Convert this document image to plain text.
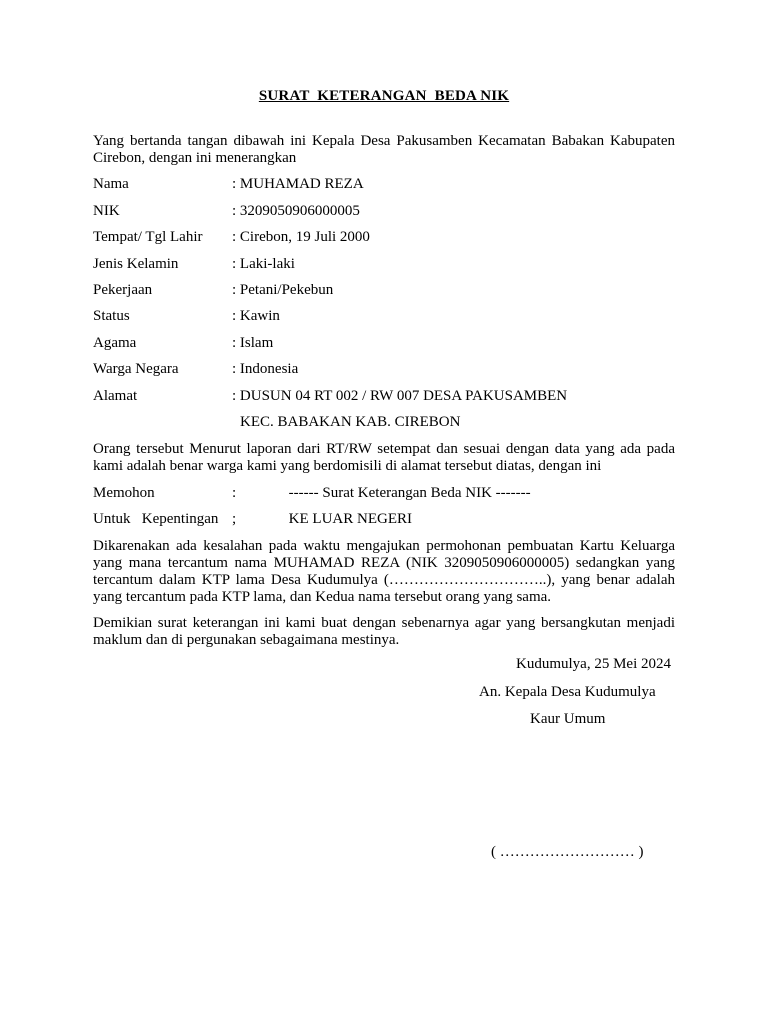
SURAT  KETERANGAN  BEDA NIK
Yang bertanda tangan dibawah ini Kepala Desa Pakusamben Kecamatan Babakan Kabupaten Cirebon, dengan ini menerangkan
Nama	: MUHAMAD REZA
NIK	: 3209050906000005
Tempat/ Tgl Lahir : Cirebon, 19 Juli 2000
Jenis Kelamin	: Laki-laki
Pekerjaan	: Petani/Pekebun
Status	: Kawin
Agama	: Islam
Warga Negara	: Indonesia
Alamat	: DUSUN 04 RT 002 / RW 007 DESA PAKUSAMBEN
KEC. BABAKAN KAB. CIREBON
Orang tersebut Menurut laporan dari RT/RW setempat dan sesuai dengan data yang ada pada kami adalah benar warga kami yang berdomisili di alamat tersebut diatas, dengan ini
Memohon	:              ------ Surat Keterangan Beda NIK -------
Untuk   Kepentingan ;              KE LUAR NEGERI
Dikarenakan ada kesalahan pada waktu mengajukan permohonan pembuatan Kartu Keluarga yang mana tercantum nama MUHAMAD REZA (NIK 3209050906000005) sedangkan yang tercantum dalam KTP lama Desa Kudumulya (…………………………..), yang benar adalah yang tercantum pada KTP lama, dan Kedua nama tersebut orang yang sama.
Demikian surat keterangan ini kami buat dengan sebenarnya agar yang bersangkutan menjadi maklum dan di pergunakan sebagaimana mestinya.
Kudumulya, 25 Mei 2024
An. Kepala Desa Kudumulya
Kaur Umum
( ……………………… )
